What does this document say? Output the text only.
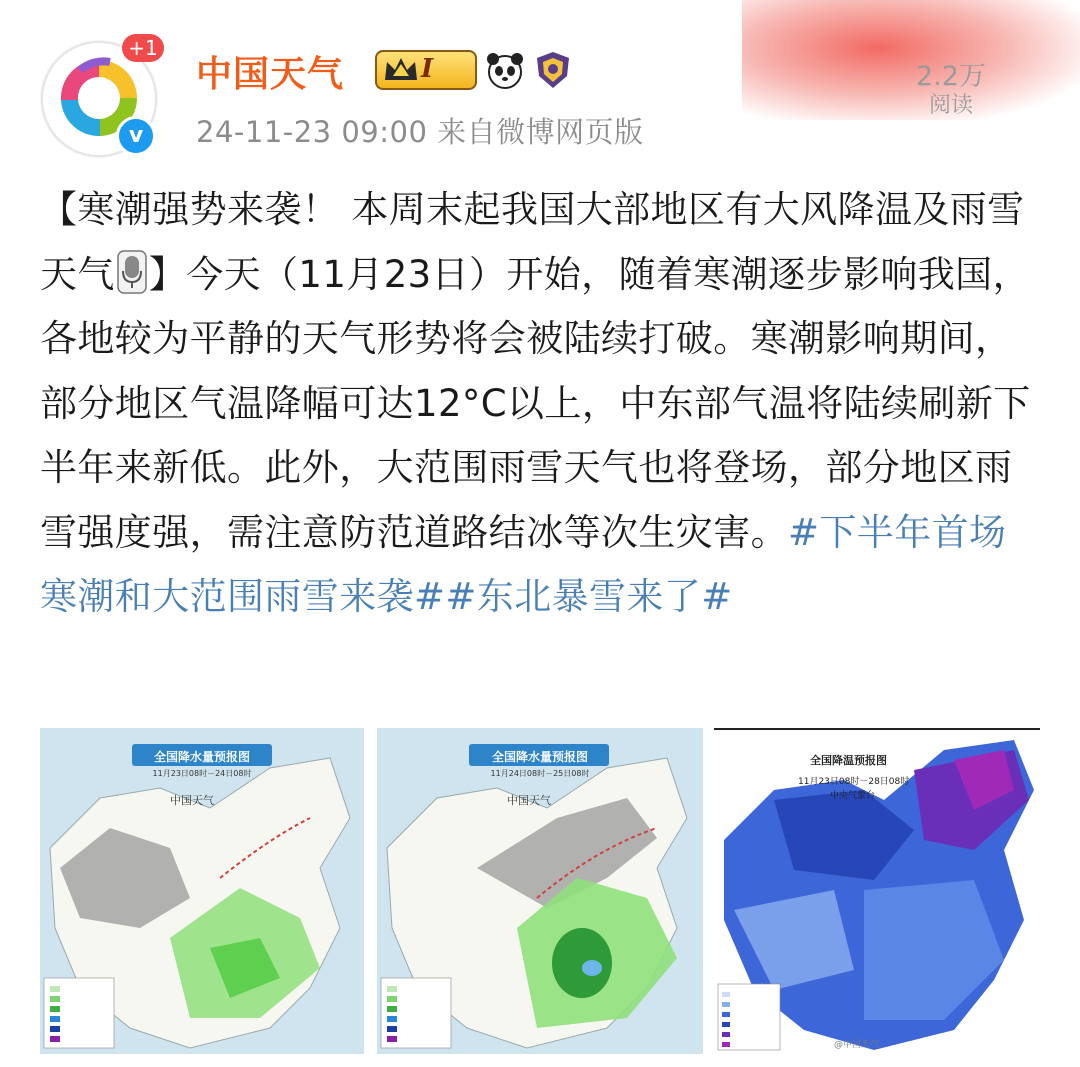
+1
v
中国天气	I
24-11-23 09:00 来自微博网页版
2.2万
阅读
【寒潮强势来袭！ 本周末起我国大部地区有大风降温及雨雪天气 】今天（11月23日）开始，随着寒潮逐步影响我国，各地较为平静的天气形势将会被陆续打破。寒潮影响期间，部分地区气温降幅可达12°C以上，中东部气温将陆续刷新下半年来新低。此外，大范围雨雪天气也将登场，部分地区雨雪强度强，需注意防范道路结冰等次生灾害。#下半年首场寒潮和大范围雨雪来袭##东北暴雪来了#
全国降水量预报图
11月23日08时－24日08时
中国天气
全国降水量预报图
11月24日08时－25日08时
中国天气
全国降温预报图
11月23日08时－28日08时
中央气象台
@中国天气
